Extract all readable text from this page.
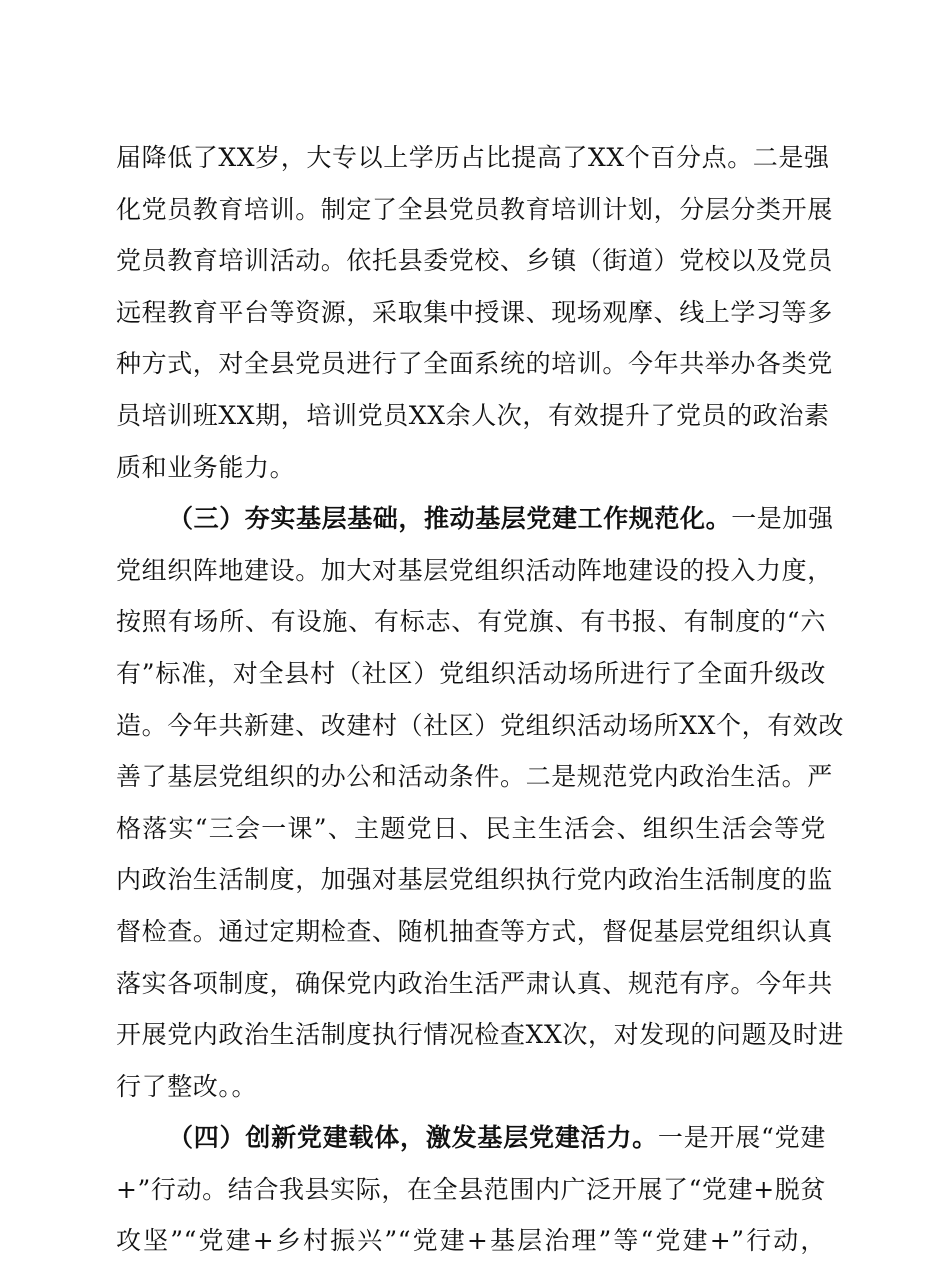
届降低了XX岁，大专以上学历占比提高了XX个百分点。二是强
化党员教育培训。制定了全县党员教育培训计划，分层分类开展
党员教育培训活动。依托县委党校、乡镇（街道）党校以及党员
远程教育平台等资源，采取集中授课、现场观摩、线上学习等多
种方式，对全县党员进行了全面系统的培训。今年共举办各类党
员培训班XX期，培训党员XX余人次，有效提升了党员的政治素
质和业务能力。
（三）夯实基层基础，推动基层党建工作规范化。一是加强
党组织阵地建设。加大对基层党组织活动阵地建设的投入力度，
按照有场所、有设施、有标志、有党旗、有书报、有制度的“六
有”标准，对全县村（社区）党组织活动场所进行了全面升级改
造。今年共新建、改建村（社区）党组织活动场所XX个，有效改
善了基层党组织的办公和活动条件。二是规范党内政治生活。严
格落实“三会一课”、主题党日、民主生活会、组织生活会等党
内政治生活制度，加强对基层党组织执行党内政治生活制度的监
督检查。通过定期检查、随机抽查等方式，督促基层党组织认真
落实各项制度，确保党内政治生活严肃认真、规范有序。今年共
开展党内政治生活制度执行情况检查XX次，对发现的问题及时进
行了整改。。
（四）创新党建载体，激发基层党建活力。一是开展“党建
+”行动。结合我县实际，在全县范围内广泛开展了“党建+脱贫
攻坚”“党建+乡村振兴”“党建+基层治理”等“党建+”行动，
